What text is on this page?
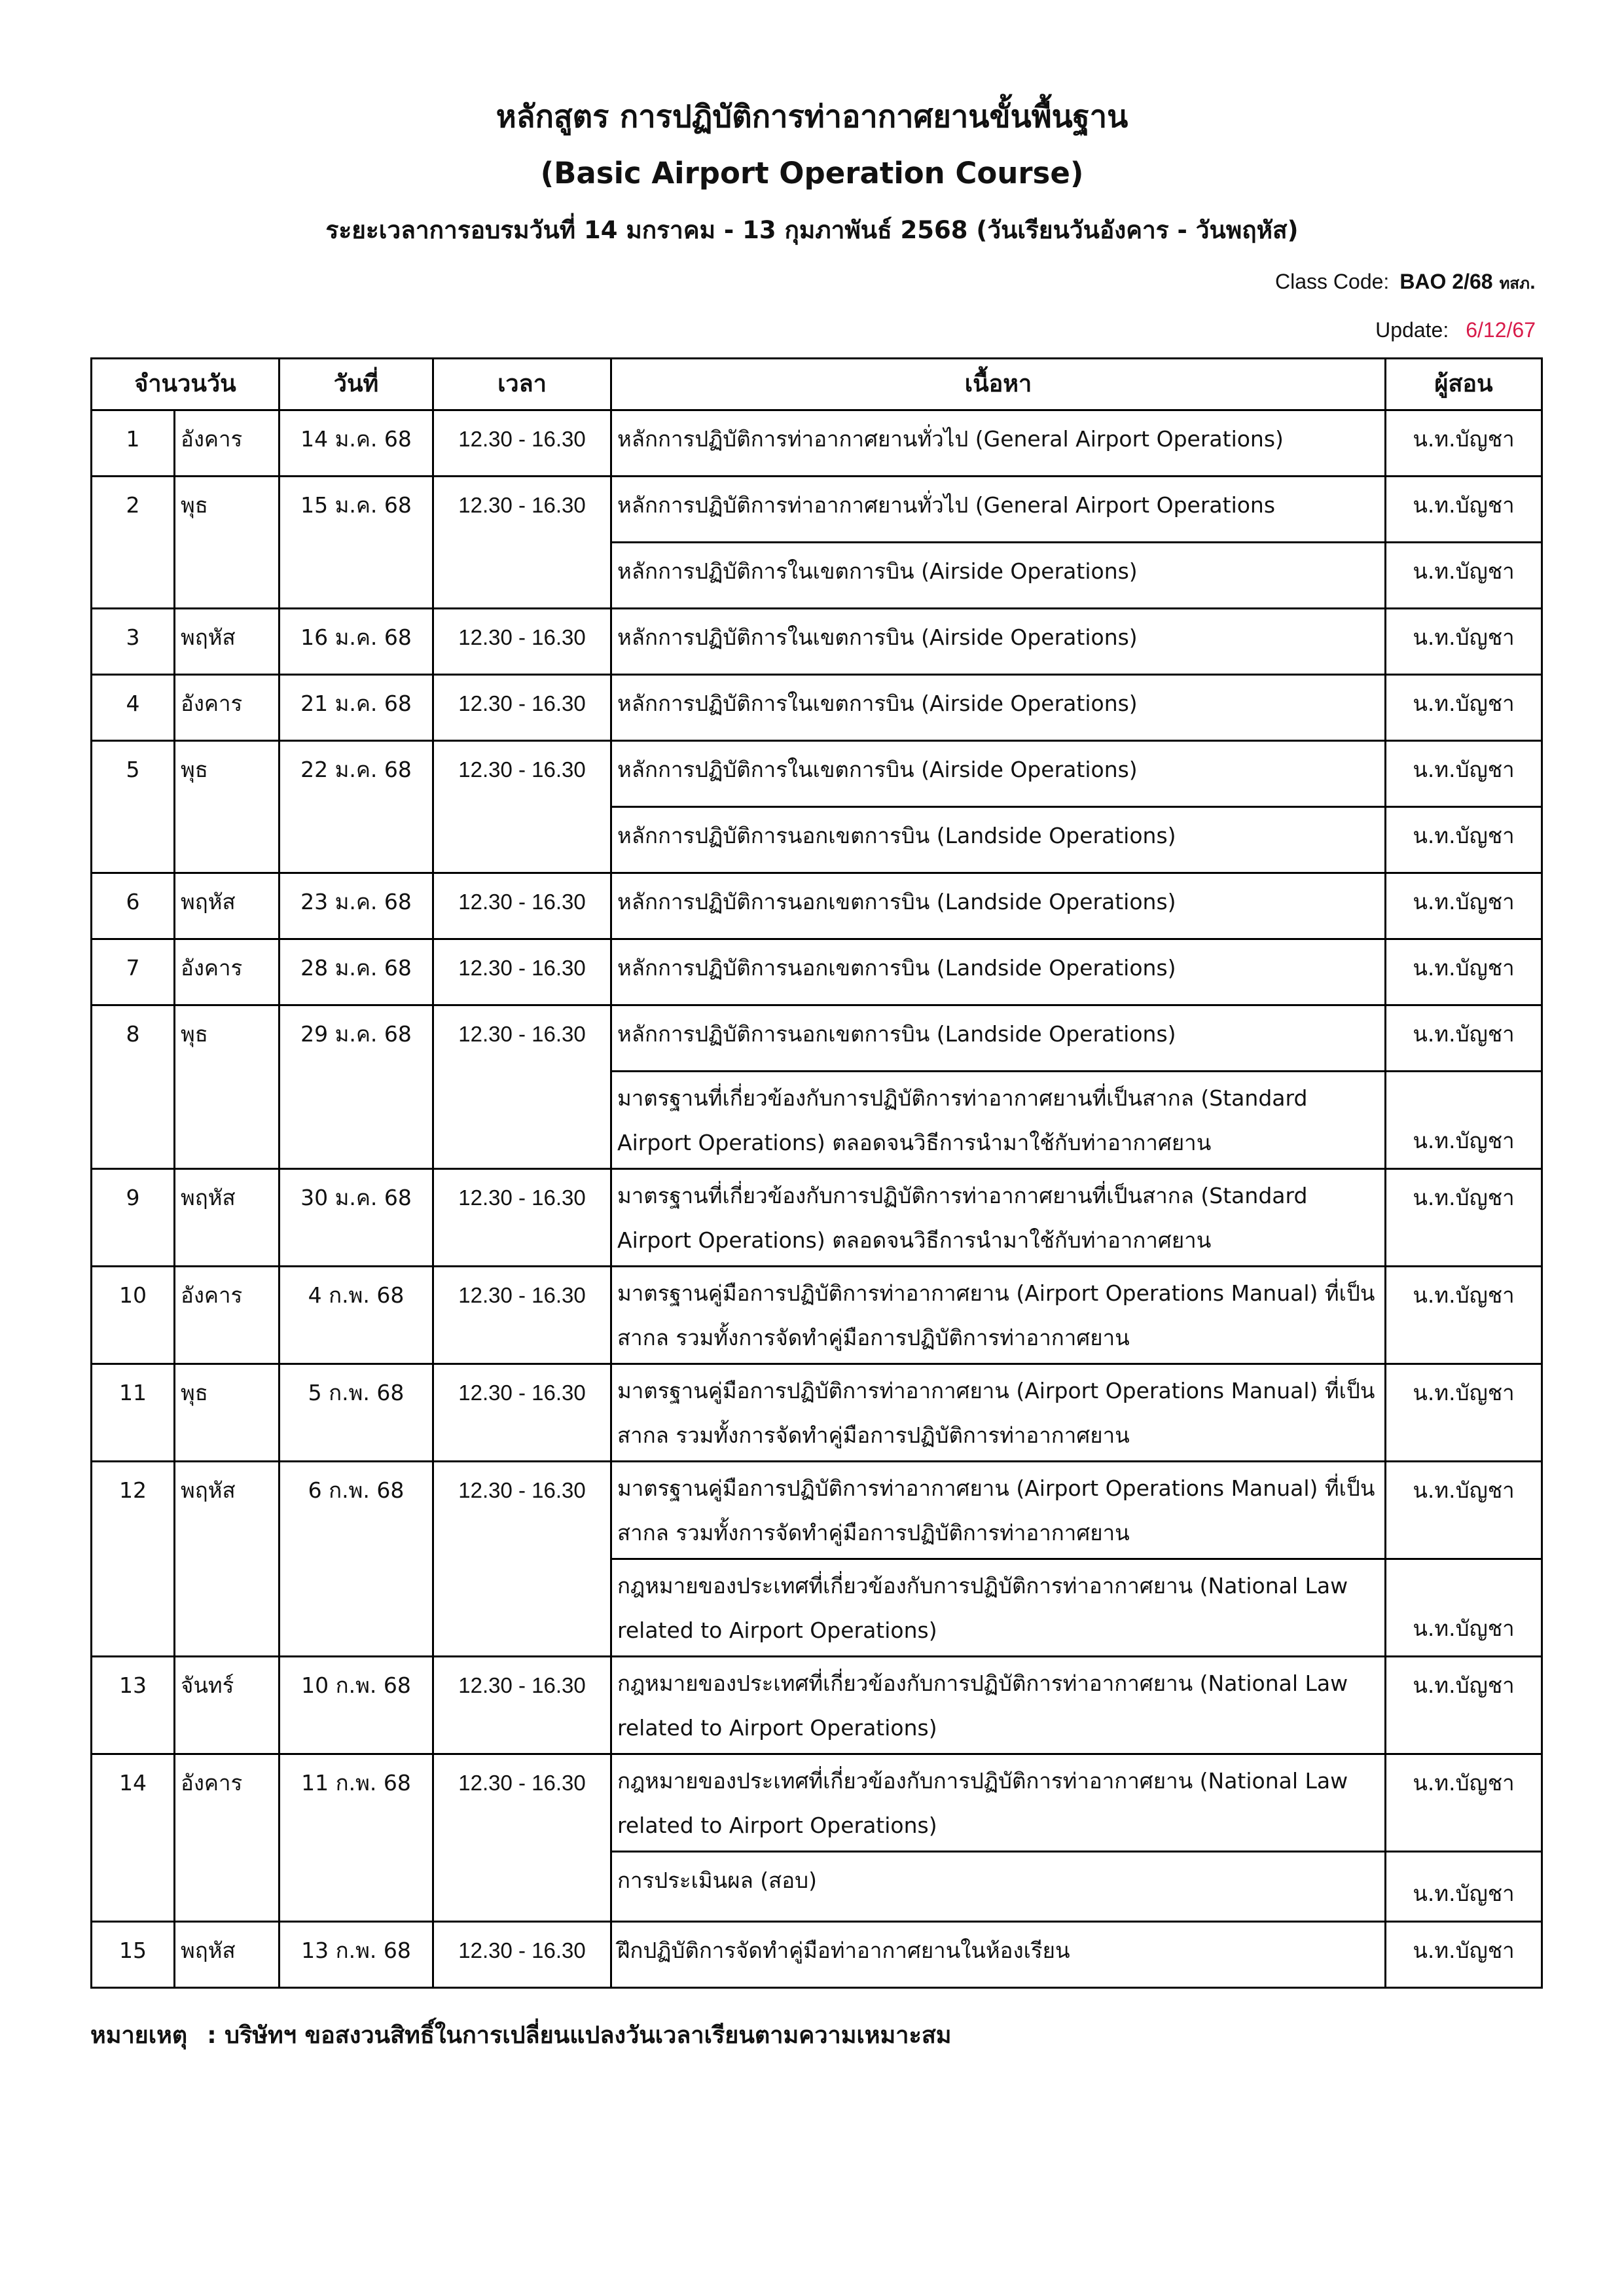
หลักสูตร การปฏิบัติการท่าอากาศยานขั้นพื้นฐาน
(Basic Airport Operation Course)
ระยะเวลาการอบรมวันที่ 14 มกราคม - 13 กุมภาพันธ์ 2568 (วันเรียนวันอังคาร - วันพฤหัส)
Class Code: BAO 2/68 ทสภ.
Update: 6/12/67
จำนวนวัน		วันที่	เวลา	เนื้อหา	ผู้สอน
1	อังคาร	14 ม.ค. 68	12.30 - 16.30	หลักการปฏิบัติการท่าอากาศยานทั่วไป (General Airport Operations)	น.ท.บัญชา
2	พุธ	15 ม.ค. 68	12.30 - 16.30	หลักการปฏิบัติการท่าอากาศยานทั่วไป (General Airport Operations	น.ท.บัญชา
				หลักการปฏิบัติการในเขตการบิน (Airside Operations)	น.ท.บัญชา
3	พฤหัส	16 ม.ค. 68	12.30 - 16.30	หลักการปฏิบัติการในเขตการบิน (Airside Operations)	น.ท.บัญชา
4	อังคาร	21 ม.ค. 68	12.30 - 16.30	หลักการปฏิบัติการในเขตการบิน (Airside Operations)	น.ท.บัญชา
5	พุธ	22 ม.ค. 68	12.30 - 16.30	หลักการปฏิบัติการในเขตการบิน (Airside Operations)	น.ท.บัญชา
				หลักการปฏิบัติการนอกเขตการบิน (Landside Operations)	น.ท.บัญชา
6	พฤหัส	23 ม.ค. 68	12.30 - 16.30	หลักการปฏิบัติการนอกเขตการบิน (Landside Operations)	น.ท.บัญชา
7	อังคาร	28 ม.ค. 68	12.30 - 16.30	หลักการปฏิบัติการนอกเขตการบิน (Landside Operations)	น.ท.บัญชา
8	พุธ	29 ม.ค. 68	12.30 - 16.30	หลักการปฏิบัติการนอกเขตการบิน (Landside Operations)	น.ท.บัญชา
				มาตรฐานที่เกี่ยวข้องกับการปฏิบัติการท่าอากาศยานที่เป็นสากล (Standard Airport Operations) ตลอดจนวิธีการนำมาใช้กับท่าอากาศยาน	น.ท.บัญชา
9	พฤหัส	30 ม.ค. 68	12.30 - 16.30	มาตรฐานที่เกี่ยวข้องกับการปฏิบัติการท่าอากาศยานที่เป็นสากล (Standard Airport Operations) ตลอดจนวิธีการนำมาใช้กับท่าอากาศยาน	น.ท.บัญชา
10	อังคาร	4 ก.พ. 68	12.30 - 16.30	มาตรฐานคู่มือการปฏิบัติการท่าอากาศยาน (Airport Operations Manual) ที่เป็นสากล รวมทั้งการจัดทำคู่มือการปฏิบัติการท่าอากาศยาน	น.ท.บัญชา
11	พุธ	5 ก.พ. 68	12.30 - 16.30	มาตรฐานคู่มือการปฏิบัติการท่าอากาศยาน (Airport Operations Manual) ที่เป็นสากล รวมทั้งการจัดทำคู่มือการปฏิบัติการท่าอากาศยาน	น.ท.บัญชา
12	พฤหัส	6 ก.พ. 68	12.30 - 16.30	มาตรฐานคู่มือการปฏิบัติการท่าอากาศยาน (Airport Operations Manual) ที่เป็นสากล รวมทั้งการจัดทำคู่มือการปฏิบัติการท่าอากาศยาน	น.ท.บัญชา
				กฎหมายของประเทศที่เกี่ยวข้องกับการปฏิบัติการท่าอากาศยาน (National Law related to Airport Operations)	น.ท.บัญชา
13	จันทร์	10 ก.พ. 68	12.30 - 16.30	กฎหมายของประเทศที่เกี่ยวข้องกับการปฏิบัติการท่าอากาศยาน (National Law related to Airport Operations)	น.ท.บัญชา
14	อังคาร	11 ก.พ. 68	12.30 - 16.30	กฎหมายของประเทศที่เกี่ยวข้องกับการปฏิบัติการท่าอากาศยาน (National Law related to Airport Operations)	น.ท.บัญชา
				การประเมินผล (สอบ)	น.ท.บัญชา
15	พฤหัส	13 ก.พ. 68	12.30 - 16.30	ฝึกปฏิบัติการจัดทำคู่มือท่าอากาศยานในห้องเรียน	น.ท.บัญชา
หมายเหตุ : บริษัทฯ ขอสงวนสิทธิ์ในการเปลี่ยนแปลงวันเวลาเรียนตามความเหมาะสม
